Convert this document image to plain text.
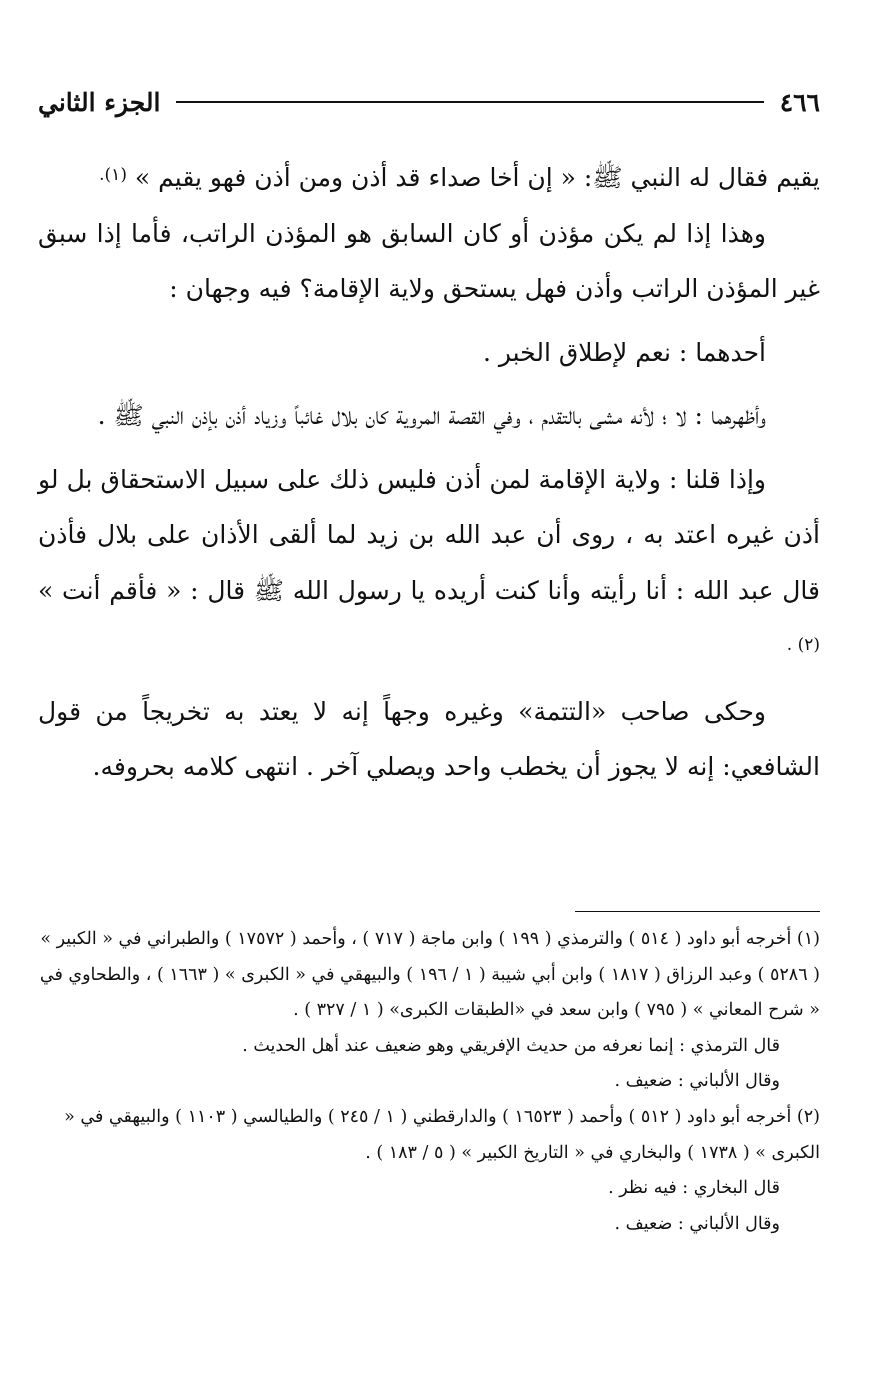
٤٦٦
الجزء الثاني

يقيم فقال له النبي ﷺ: « إن أخا صداء قد أذن ومن أذن فهو يقيم » $^{(١).}$

وهذا إذا لم يكن مؤذن أو كان السابق هو المؤذن الراتب، فأما إذا سبق غير المؤذن الراتب وأذن فهل يستحق ولاية الإقامة؟ فيه وجهان :

أحدهما : نعم لإطلاق الخبر .

وأظهرهما : لا ؛ لأنه مشى بالتقدم ، وفي القصة المروية كان بلال غائباً وزياد أذن بإذن النبي ﷺ .

وإذا قلنا : ولاية الإقامة لمن أذن فليس ذلك على سبيل الاستحقاق بل لو أذن غيره اعتد به ، روى أن عبد الله بن زيد لما ألقى الأذان على بلال فأذن قال عبد الله : أنا رأيته وأنا كنت أريده يا رسول الله ﷺ قال : « فأقم أنت » $^{(٢) .}$

وحكى صاحب «التتمة» وغيره وجهاً إنه لا يعتد به تخريجاً من قول الشافعي: إنه لا يجوز أن يخطب واحد ويصلي آخر . انتهى كلامه بحروفه.

(١) أخرجه أبو داود ( ٥١٤ ) والترمذي ( ١٩٩ ) وابن ماجة ( ٧١٧ ) ، وأحمد ( ١٧٥٧٢ ) والطبراني في « الكبير » ( ٥٢٨٦ ) وعبد الرزاق ( ١٨١٧ ) وابن أبي شيبة ( ١ / ١٩٦ ) والبيهقي في « الكبرى » ( ١٦٦٣ ) ، والطحاوي في « شرح المعاني » ( ٧٩٥ ) وابن سعد في «الطبقات الكبرى» ( ١ / ٣٢٧ ) .

قال الترمذي : إنما نعرفه من حديث الإفريقي وهو ضعيف عند أهل الحديث .

وقال الألباني : ضعيف .

(٢) أخرجه أبو داود ( ٥١٢ ) وأحمد ( ١٦٥٢٣ ) والدارقطني ( ١ / ٢٤٥ ) والطيالسي ( ١١٠٣ ) والبيهقي في « الكبرى » ( ١٧٣٨ ) والبخاري في « التاريخ الكبير » ( ٥ / ١٨٣ ) .

قال البخاري : فيه نظر .

وقال الألباني : ضعيف .
